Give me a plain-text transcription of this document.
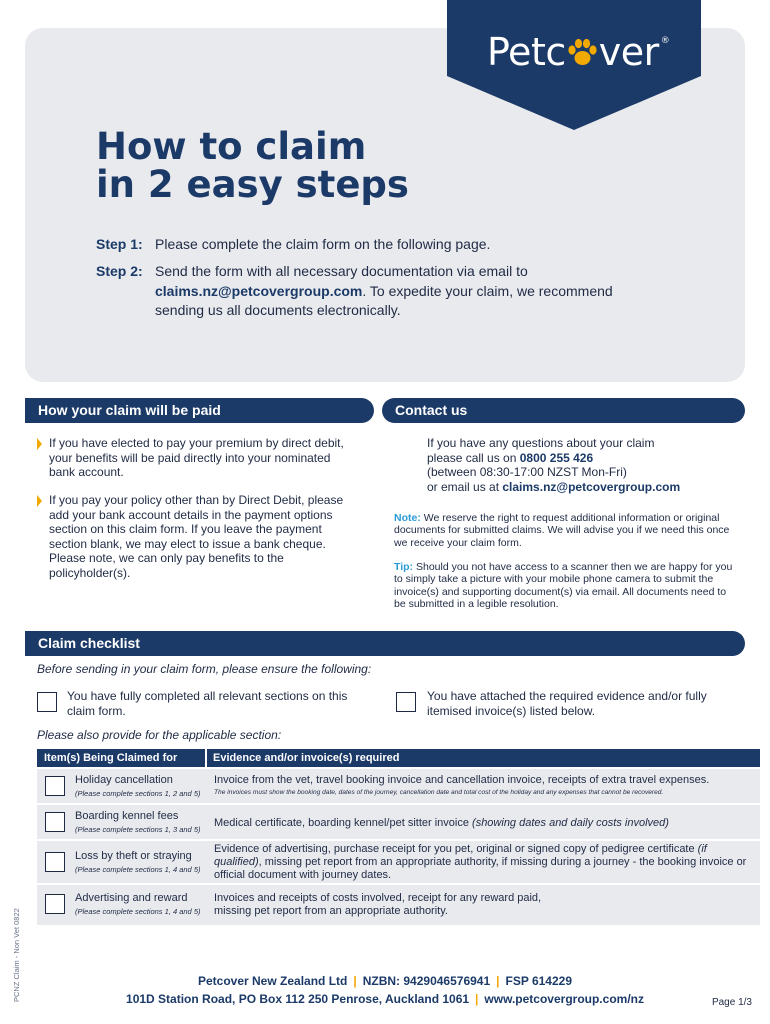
Petc ver ®
How to claim
in 2 easy steps
Step 1: Please complete the claim form on the following page.
Step 2: Send the form with all necessary documentation via email to
claims.nz@petcovergroup.com. To expedite your claim, we recommend
sending us all documents electronically.
How your claim will be paid	Contact us
If you have elected to pay your premium by direct debit, your benefits will be paid directly into your nominated bank account.
If you pay your policy other than by Direct Debit, please add your bank account details in the payment options section on this claim form. If you leave the payment section blank, we may elect to issue a bank cheque. Please note, we can only pay benefits to the policyholder(s).
If you have any questions about your claim
please call us on 0800 255 426
(between 08:30-17:00 NZST Mon-Fri)
or email us at claims.nz@petcovergroup.com
Note: We reserve the right to request additional information or original documents for submitted claims. We will advise you if we need this once we receive your claim form.
Tip: Should you not have access to a scanner then we are happy for you to simply take a picture with your mobile phone camera to submit the invoice(s) and supporting document(s) via email. All documents need to be submitted in a legible resolution.
Claim checklist
Before sending in your claim form, please ensure the following:
You have fully completed all relevant sections on this claim form.
You have attached the required evidence and/or fully itemised invoice(s) listed below.
Please also provide for the applicable section:
Item(s) Being Claimed for	Evidence and/or invoice(s) required
Holiday cancellation
(Please complete sections 1, 2 and 5)
Invoice from the vet, travel booking invoice and cancellation invoice, receipts of extra travel expenses.
The invoices must show the booking date, dates of the journey, cancellation date and total cost of the holiday and any expenses that cannot be recovered.
Boarding kennel fees
(Please complete sections 1, 3 and 5)
Medical certificate, boarding kennel/pet sitter invoice (showing dates and daily costs involved)
Loss by theft or straying
(Please complete sections 1, 4 and 5)
Evidence of advertising, purchase receipt for you pet, original or signed copy of pedigree certificate (if qualified), missing pet report from an appropriate authority, if missing during a journey - the booking invoice or official document with journey dates.
Advertising and reward
(Please complete sections 1, 4 and 5)
Invoices and receipts of costs involved, receipt for any reward paid,
missing pet report from an appropriate authority.
PCNZ Claim - Non Vet 0822	Petcover New Zealand Ltd | NZBN: 9429046576941 | FSP 614229
101D Station Road, PO Box 112 250 Penrose, Auckland 1061 | www.petcovergroup.com/nz	Page 1/3
